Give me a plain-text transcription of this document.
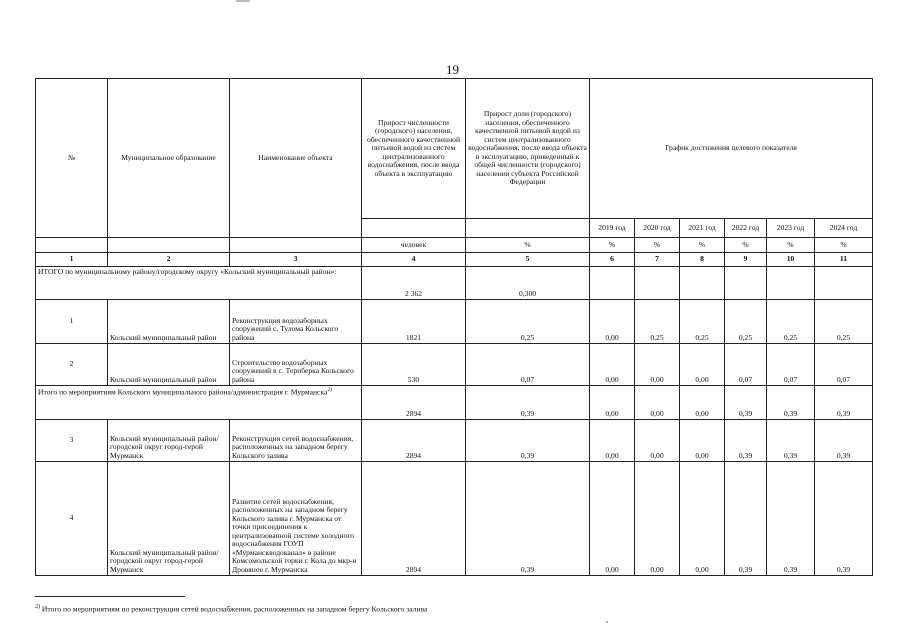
19
№	Муниципальное образование	Наименование объекта	Прирост численности (городского) населения, обеспеченного качественной питьевой водой из систем централизованного водоснабжения, после ввода объекта в эксплуатацию	Прирост доли (городского) населения, обеспеченного качественной питьевой водой из систем централизованного водоснабжения, после ввода объекта в эксплуатацию, приведенный к общей численности (городского) населения субъекта Российской Федерации	График достижения целевого показателя					
					2019 год	2020 год	2021 год	2022 год	2023 год	2024 год
			человек	%	%	%	%	%	%	%
1	2	3	4	5	6	7	8	9	10	11
ИТОГО по муниципальному району/городскому округу «Кольский муниципальный район»:			2 362	0,300						
1	Кольский муниципальный район	Реконструкция водозаборных сооружений с. Тулома Кольского района	1821	0,25	0,00	0,25	0,25	0,25	0,25	0,25
2	Кольский муниципальный район	Строительство водозаборных сооружений в с. Териберка Кольского района	530	0,07	0,00	0,00	0,00	0,07	0,07	0,07
Итого по мероприятиям Кольского муниципального района/администрация г. Мурманска$^{2)}$			2894	0,39	0,00	0,00	0,00	0,39	0,39	0,39
3	Кольский муниципальный район/городской округ город-герой Мурманск	Реконструкция сетей водоснабжения, расположенных на западном берегу Кольского залива	2894	0,39	0,00	0,00	0,00	0,39	0,39	0,39
4	Кольский муниципальный район/городской округ город-герой Мурманск	Развитие сетей водоснабжения, расположенных на западном берегу Кольского залива г. Мурманска от точки присоединения к централизованной системе холодного водоснабжения ГОУП «Мурманскводоканал» в районе Комсомольской горки г. Кола до мкр-н Дровяное г. Мурманска	2894	0,39	0,00	0,00	0,00	0,39	0,39	0,39
$^{2)}$ Итого по мероприятиям по реконструкция сетей водоснабжения, расположенных на западном берегу Кольского залива
